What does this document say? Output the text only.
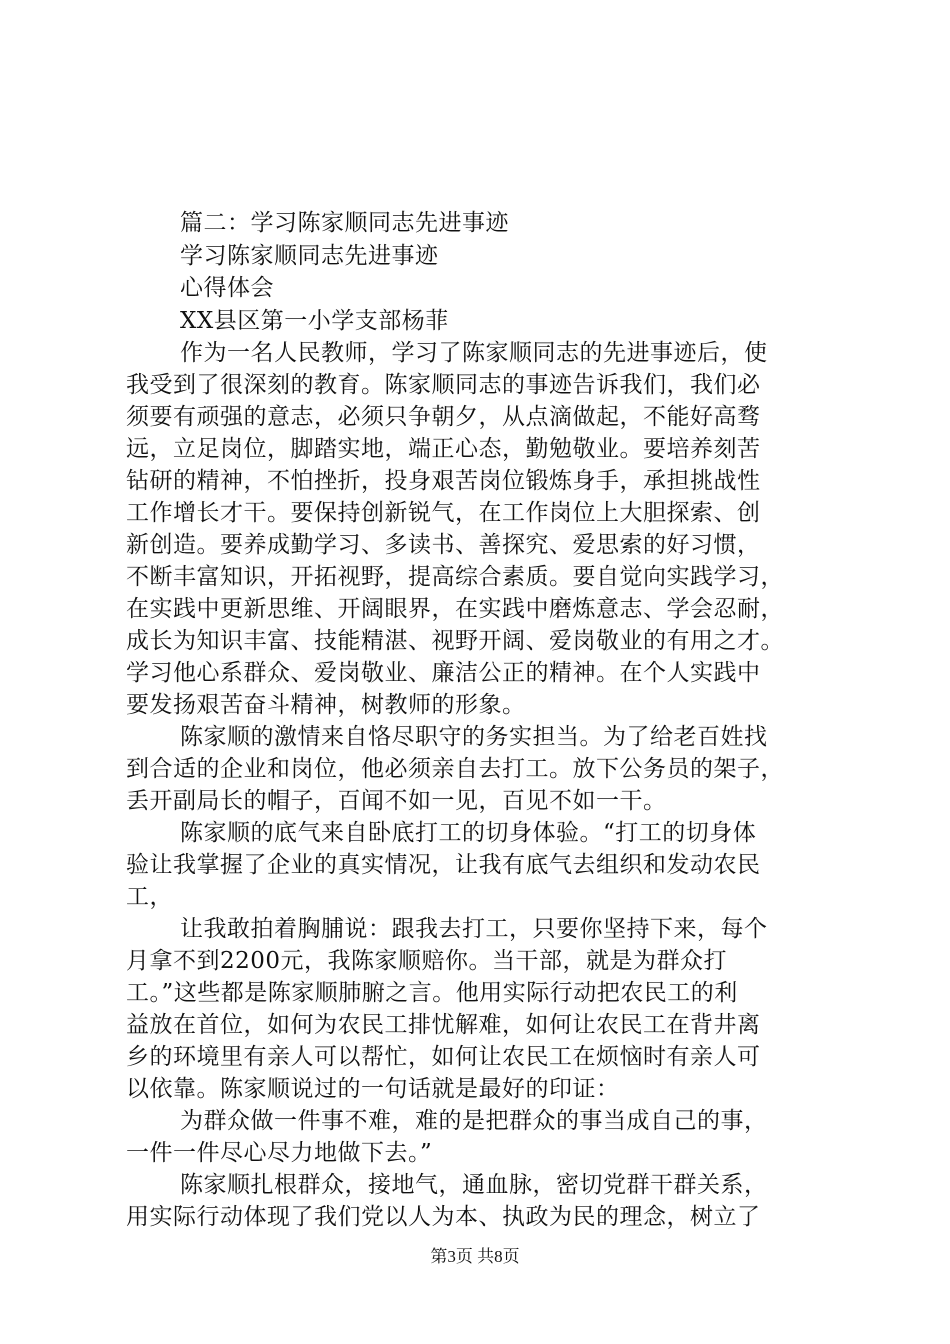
篇二：学习陈家顺同志先进事迹
学习陈家顺同志先进事迹
心得体会
XX县区第一小学支部杨菲
作为一名人民教师，学习了陈家顺同志的先进事迹后，使
我受到了很深刻的教育。陈家顺同志的事迹告诉我们，我们必
须要有顽强的意志，必须只争朝夕，从点滴做起，不能好高骛
远，立足岗位，脚踏实地，端正心态，勤勉敬业。要培养刻苦
钻研的精神，不怕挫折，投身艰苦岗位锻炼身手，承担挑战性
工作增长才干。要保持创新锐气，在工作岗位上大胆探索、创
新创造。要养成勤学习、多读书、善探究、爱思索的好习惯，
不断丰富知识，开拓视野，提高综合素质。要自觉向实践学习，
在实践中更新思维、开阔眼界，在实践中磨炼意志、学会忍耐，
成长为知识丰富、技能精湛、视野开阔、爱岗敬业的有用之才。
学习他心系群众、爱岗敬业、廉洁公正的精神。在个人实践中
要发扬艰苦奋斗精神，树教师的形象。
陈家顺的激情来自恪尽职守的务实担当。为了给老百姓找
到合适的企业和岗位，他必须亲自去打工。放下公务员的架子，
丢开副局长的帽子，百闻不如一见，百见不如一干。
陈家顺的底气来自卧底打工的切身体验。“打工的切身体
验让我掌握了企业的真实情况，让我有底气去组织和发动农民
工，
让我敢拍着胸脯说：跟我去打工，只要你坚持下来，每个
月拿不到2200元，我陈家顺赔你。当干部，就是为群众打
工。”这些都是陈家顺肺腑之言。他用实际行动把农民工的利
益放在首位，如何为农民工排忧解难，如何让农民工在背井离
乡的环境里有亲人可以帮忙，如何让农民工在烦恼时有亲人可
以依靠。陈家顺说过的一句话就是最好的印证：
为群众做一件事不难，难的是把群众的事当成自己的事，
一件一件尽心尽力地做下去。”
陈家顺扎根群众，接地气，通血脉，密切党群干群关系，
用实际行动体现了我们党以人为本、执政为民的理念，树立了
第3页 共8页
